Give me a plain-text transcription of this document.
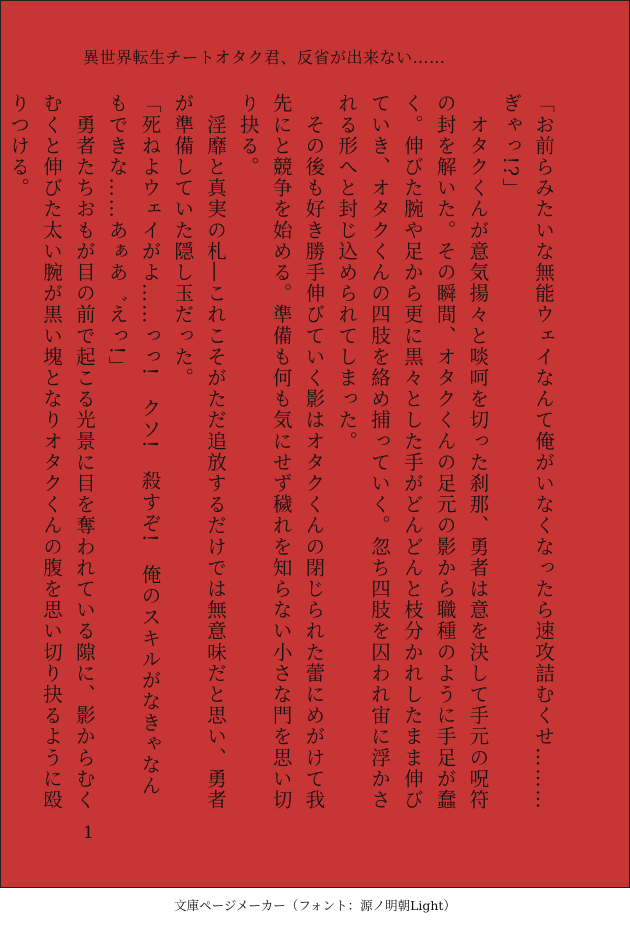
異世界転生チートオタク君、反省が出来ない……
「お前らみたいな無能ウェイなんて俺がいなくなったら速攻詰むくせ………ぎゃっ!?」
　オタクくんが意気揚々と啖呵を切った刹那、勇者は意を決して手元の呪符の封を解いた。その瞬間、オタクくんの足元の影から職種のように手足が蠢く。伸びた腕や足から更に黒々とした手がどんどんと枝分かれしたまま伸びていき、オタクくんの四肢を絡め捕っていく。忽ち四肢を囚われ宙に浮かされる形へと封じ込められてしまった。
　その後も好き勝手伸びていく影はオタクくんの閉じられた蕾にめがけて我先にと競争を始める。準備も何も気にせず穢れを知らない小さな門を思い切り抉る。
　淫靡と真実の札―これこそがただ追放するだけでは無意味だと思い、勇者が準備していた隠し玉だった。
「死ねよウェイがよ……っっ!　クソ!　殺すぞ!　俺のスキルがなきゃなんもできな……あぁあ゛えっ!」
　勇者たちおもが目の前で起こる光景に目を奪われている隙に、影からむくむくと伸びた太い腕が黒い塊となりオタクくんの腹を思い切り抉るように殴りつける。
1
文庫ページメーカー（フォント：源ノ明朝Light）
